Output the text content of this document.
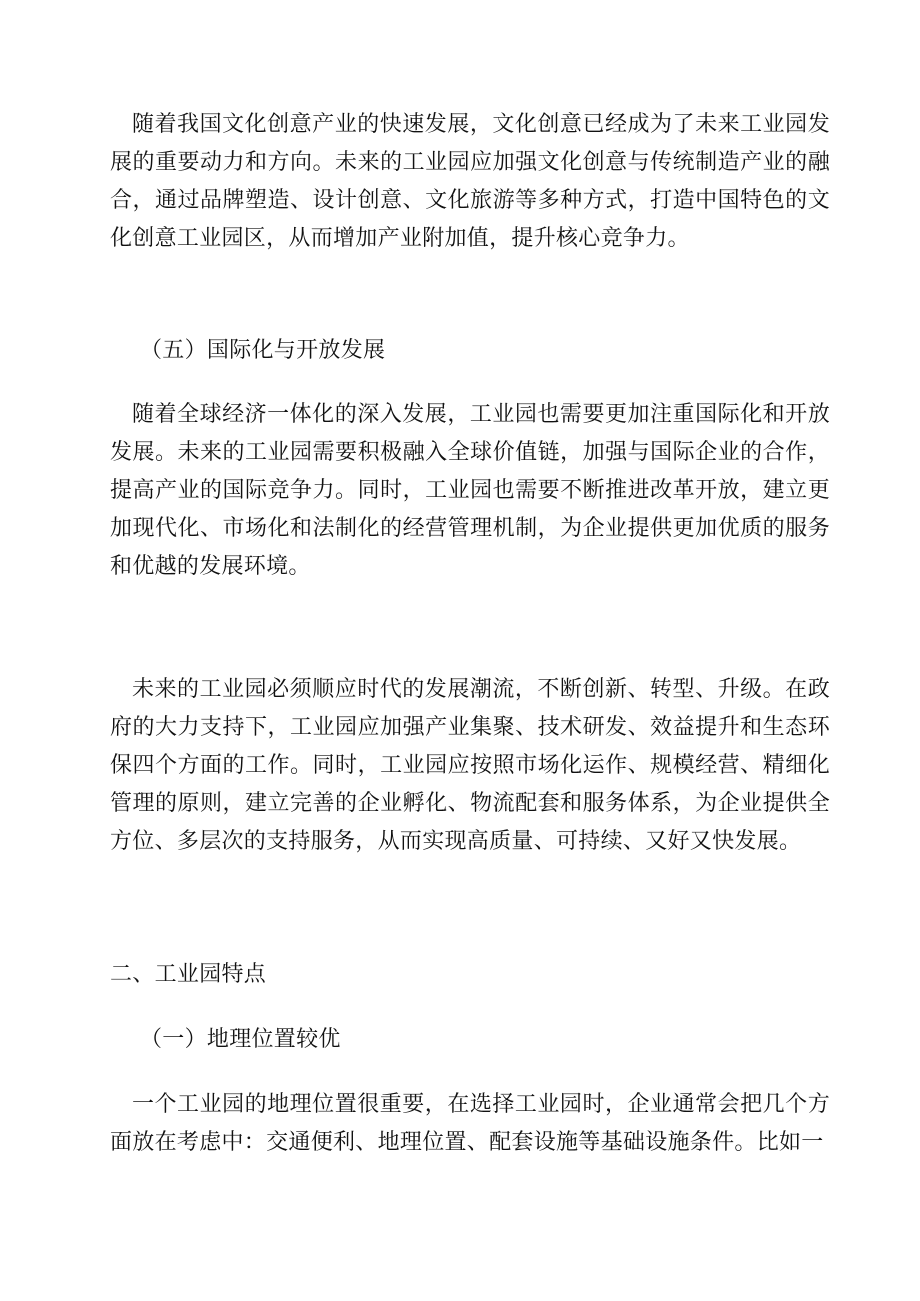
随着我国文化创意产业的快速发展，文化创意已经成为了未来工业园发展的重要动力和方向。未来的工业园应加强文化创意与传统制造产业的融合，通过品牌塑造、设计创意、文化旅游等多种方式，打造中国特色的文化创意工业园区，从而增加产业附加值，提升核心竞争力。

（五）国际化与开放发展

随着全球经济一体化的深入发展，工业园也需要更加注重国际化和开放发展。未来的工业园需要积极融入全球价值链，加强与国际企业的合作，提高产业的国际竞争力。同时，工业园也需要不断推进改革开放，建立更加现代化、市场化和法制化的经营管理机制，为企业提供更加优质的服务和优越的发展环境。

未来的工业园必须顺应时代的发展潮流，不断创新、转型、升级。在政府的大力支持下，工业园应加强产业集聚、技术研发、效益提升和生态环保四个方面的工作。同时，工业园应按照市场化运作、规模经营、精细化管理的原则，建立完善的企业孵化、物流配套和服务体系，为企业提供全方位、多层次的支持服务，从而实现高质量、可持续、又好又快发展。

二、工业园特点
（一）地理位置较优

一个工业园的地理位置很重要，在选择工业园时，企业通常会把几个方面放在考虑中：交通便利、地理位置、配套设施等基础设施条件。比如一
